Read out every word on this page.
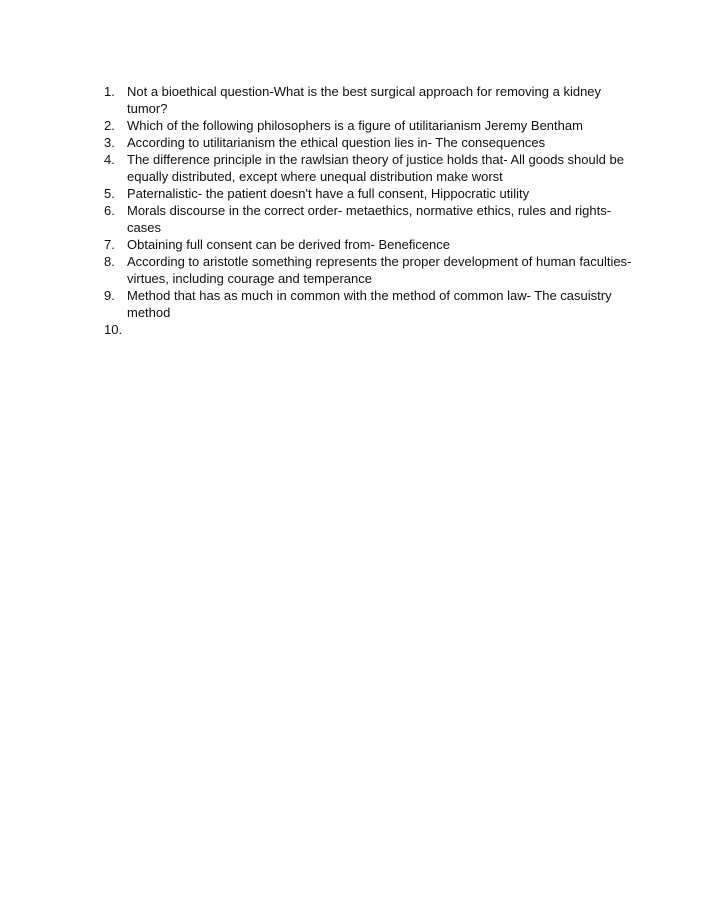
1. Not a bioethical question-What is the best surgical approach for removing a kidney tumor?
2. Which of the following philosophers is a figure of utilitarianism Jeremy Bentham
3. According to utilitarianism the ethical question lies in- The consequences
4. The difference principle in the rawlsian theory of justice holds that- All goods should be equally distributed, except where unequal distribution make worst
5. Paternalistic- the patient doesn't have a full consent, Hippocratic utility
6. Morals discourse in the correct order- metaethics, normative ethics, rules and rights-cases
7. Obtaining full consent can be derived from- Beneficence
8. According to aristotle something represents the proper development of human faculties-virtues, including courage and temperance
9. Method that has as much in common with the method of common law- The casuistry method
10.
